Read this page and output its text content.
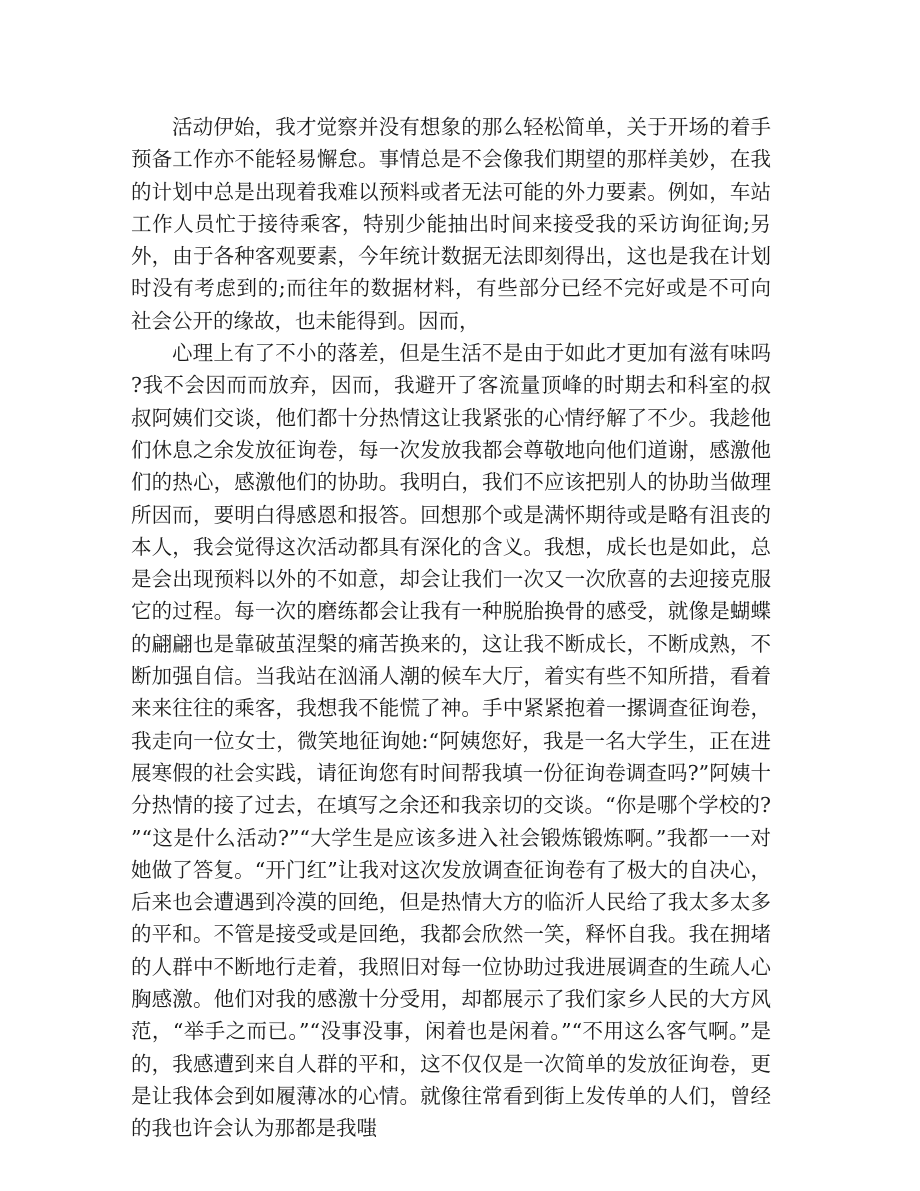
活动伊始，我才觉察并没有想象的那么轻松简单，关于开场的着手预备工作亦不能轻易懈怠。事情总是不会像我们期望的那样美妙，在我的计划中总是出现着我难以预料或者无法可能的外力要素。例如，车站工作人员忙于接待乘客，特别少能抽出时间来接受我的采访询征询;另外，由于各种客观要素，今年统计数据无法即刻得出，这也是我在计划时没有考虑到的;而往年的数据材料，有些部分已经不完好或是不可向社会公开的缘故，也未能得到。因而，

心理上有了不小的落差，但是生活不是由于如此才更加有滋有味吗?我不会因而而放弃，因而，我避开了客流量顶峰的时期去和科室的叔叔阿姨们交谈，他们都十分热情这让我紧张的心情纾解了不少。我趁他们休息之余发放征询卷，每一次发放我都会尊敬地向他们道谢，感激他们的热心，感激他们的协助。我明白，我们不应该把别人的协助当做理所因而，要明白得感恩和报答。回想那个或是满怀期待或是略有沮丧的本人，我会觉得这次活动都具有深化的含义。我想，成长也是如此，总是会出现预料以外的不如意，却会让我们一次又一次欣喜的去迎接克服它的过程。每一次的磨练都会让我有一种脱胎换骨的感受，就像是蝴蝶的翩翩也是靠破茧涅槃的痛苦换来的，这让我不断成长，不断成熟，不断加强自信。当我站在汹涌人潮的候车大厅，着实有些不知所措，看着来来往往的乘客，我想我不能慌了神。手中紧紧抱着一摞调查征询卷，我走向一位女士，微笑地征询她:“阿姨您好，我是一名大学生，正在进展寒假的社会实践，请征询您有时间帮我填一份征询卷调查吗?”阿姨十分热情的接了过去，在填写之余还和我亲切的交谈。“你是哪个学校的?”“这是什么活动?”“大学生是应该多进入社会锻炼锻炼啊。”我都一一对她做了答复。“开门红”让我对这次发放调查征询卷有了极大的自决心，后来也会遭遇到冷漠的回绝，但是热情大方的临沂人民给了我太多太多的平和。不管是接受或是回绝，我都会欣然一笑，释怀自我。我在拥堵的人群中不断地行走着，我照旧对每一位协助过我进展调查的生疏人心胸感激。他们对我的感激十分受用，却都展示了我们家乡人民的大方风范，“举手之而已。”“没事没事，闲着也是闲着。”“不用这么客气啊。”是的，我感遭到来自人群的平和，这不仅仅是一次简单的发放征询卷，更是让我体会到如履薄冰的心情。就像往常看到街上发传单的人们，曾经的我也许会认为那都是我嗤
